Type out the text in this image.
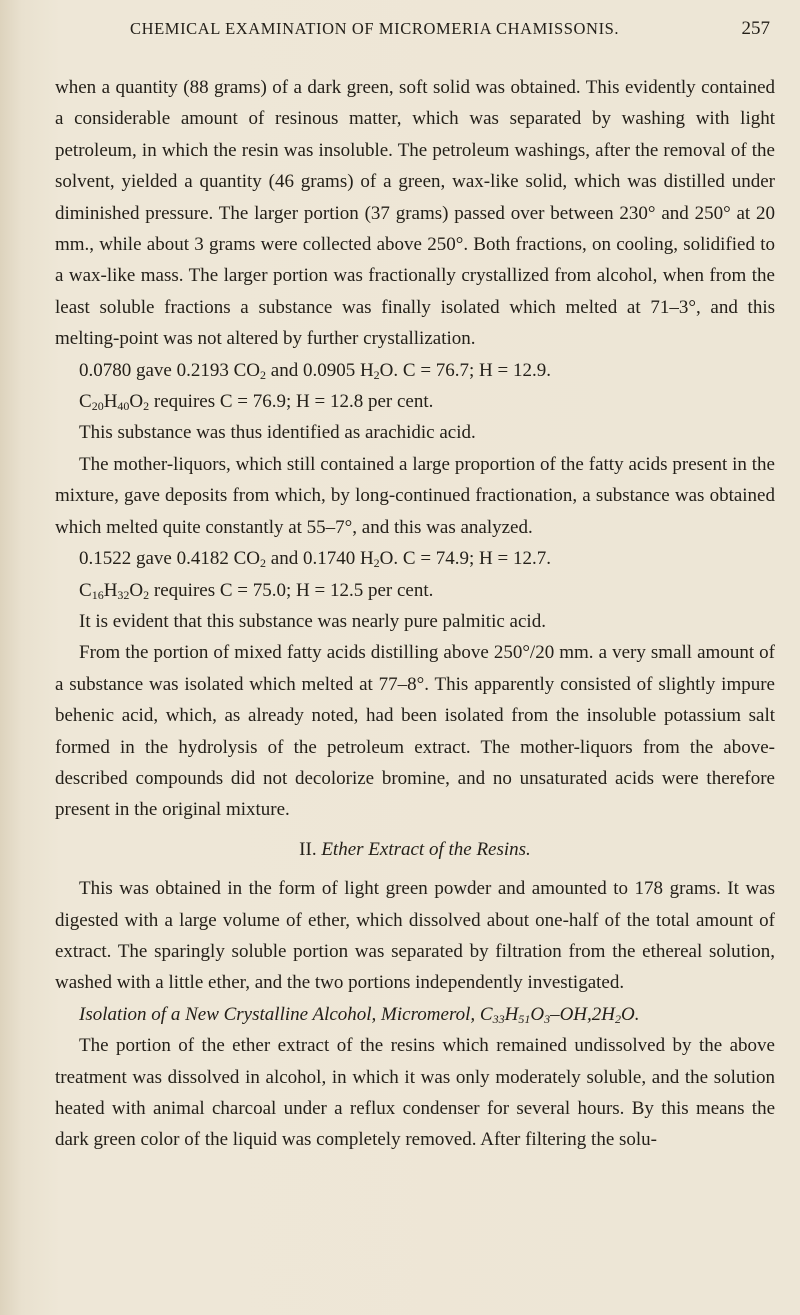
CHEMICAL EXAMINATION OF MICROMERIA CHAMISSONIS.	257

when a quantity (88 grams) of a dark green, soft solid was obtained. This evidently contained a considerable amount of resinous matter, which was separated by washing with light petroleum, in which the resin was insoluble. The petroleum washings, after the removal of the solvent, yielded a quantity (46 grams) of a green, wax-like solid, which was distilled under diminished pressure. The larger portion (37 grams) passed over between 230° and 250° at 20 mm., while about 3 grams were collected above 250°. Both fractions, on cooling, solidified to a wax-like mass. The larger portion was fractionally crystallized from alcohol, when from the least soluble fractions a substance was finally isolated which melted at 71–3°, and this melting-point was not altered by further crystallization.

0.0780 gave 0.2193 $CO_2$ and 0.0905 $H_2O$. C = 76.7; H = 12.9.

$C_{20}H_{40}O_2$ requires C = 76.9; H = 12.8 per cent.

This substance was thus identified as arachidic acid.

The mother-liquors, which still contained a large proportion of the fatty acids present in the mixture, gave deposits from which, by long-continued fractionation, a substance was obtained which melted quite constantly at 55–7°, and this was analyzed.

0.1522 gave 0.4182 $CO_2$ and 0.1740 $H_2O$. C = 74.9; H = 12.7.

$C_{16}H_{32}O_2$ requires C = 75.0; H = 12.5 per cent.

It is evident that this substance was nearly pure palmitic acid.

From the portion of mixed fatty acids distilling above 250°/20 mm. a very small amount of a substance was isolated which melted at 77–8°. This apparently consisted of slightly impure behenic acid, which, as already noted, had been isolated from the insoluble potassium salt formed in the hydrolysis of the petroleum extract. The mother-liquors from the above-described compounds did not decolorize bromine, and no unsaturated acids were therefore present in the original mixture.

II. Ether Extract of the Resins.

This was obtained in the form of light green powder and amounted to 178 grams. It was digested with a large volume of ether, which dissolved about one-half of the total amount of extract. The sparingly soluble portion was separated by filtration from the ethereal solution, washed with a little ether, and the two portions independently investigated.

Isolation of a New Crystalline Alcohol, Micromerol, $C_{33}H_{51}O_3-OH,2H_2O$.

The portion of the ether extract of the resins which remained undissolved by the above treatment was dissolved in alcohol, in which it was only moderately soluble, and the solution heated with animal charcoal under a reflux condenser for several hours. By this means the dark green color of the liquid was completely removed. After filtering the solu-
